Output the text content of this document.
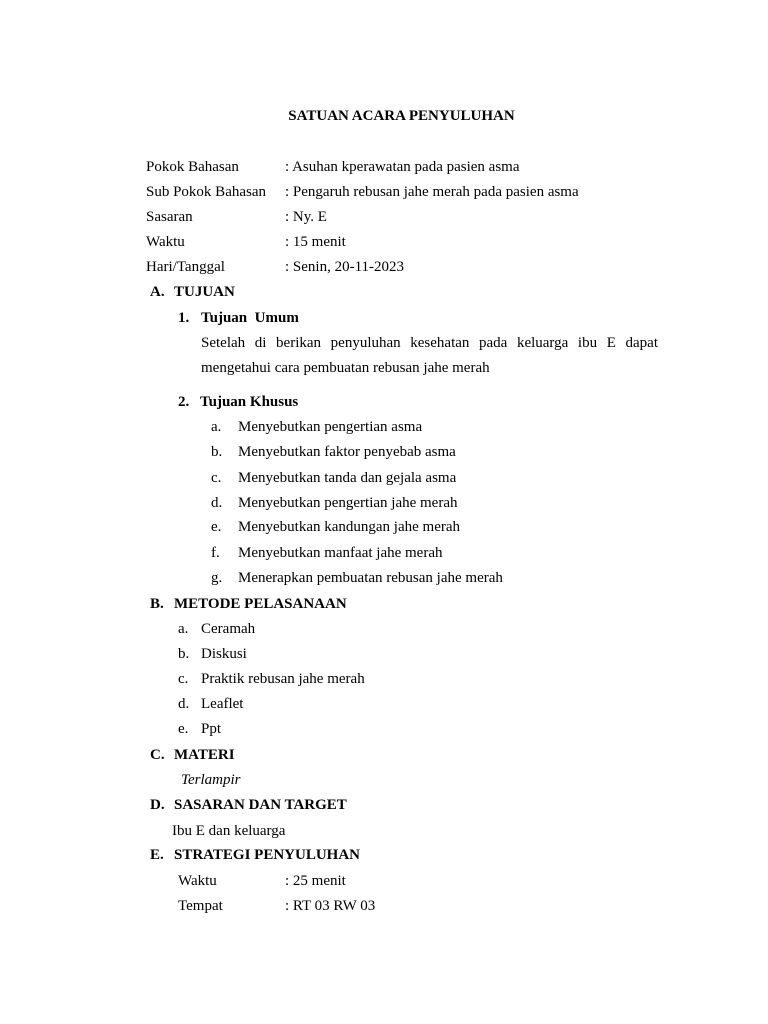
SATUAN ACARA PENYULUHAN
Pokok Bahasan	: Asuhan kperawatan pada pasien asma
Sub Pokok Bahasan : Pengaruh rebusan jahe merah pada pasien asma
Sasaran	: Ny. E
Waktu	: 15 menit
Hari/Tanggal	: Senin, 20-11-2023
A. TUJUAN
1. Tujuan  Umum
Setelah di berikan penyuluhan kesehatan pada keluarga ibu E dapat
mengetahui cara pembuatan rebusan jahe merah
2. Tujuan Khusus
a. Menyebutkan pengertian asma
b. Menyebutkan faktor penyebab asma
c. Menyebutkan tanda dan gejala asma
d. Menyebutkan pengertian jahe merah
e. Menyebutkan kandungan jahe merah
f. Menyebutkan manfaat jahe merah
g. Menerapkan pembuatan rebusan jahe merah
B. METODE PELASANAAN
a. Ceramah
b. Diskusi
c. Praktik rebusan jahe merah
d. Leaflet
e. Ppt
C. MATERI
Terlampir
D. SASARAN DAN TARGET
Ibu E dan keluarga
E. STRATEGI PENYULUHAN
Waktu	: 25 menit
Tempat	: RT 03 RW 03
